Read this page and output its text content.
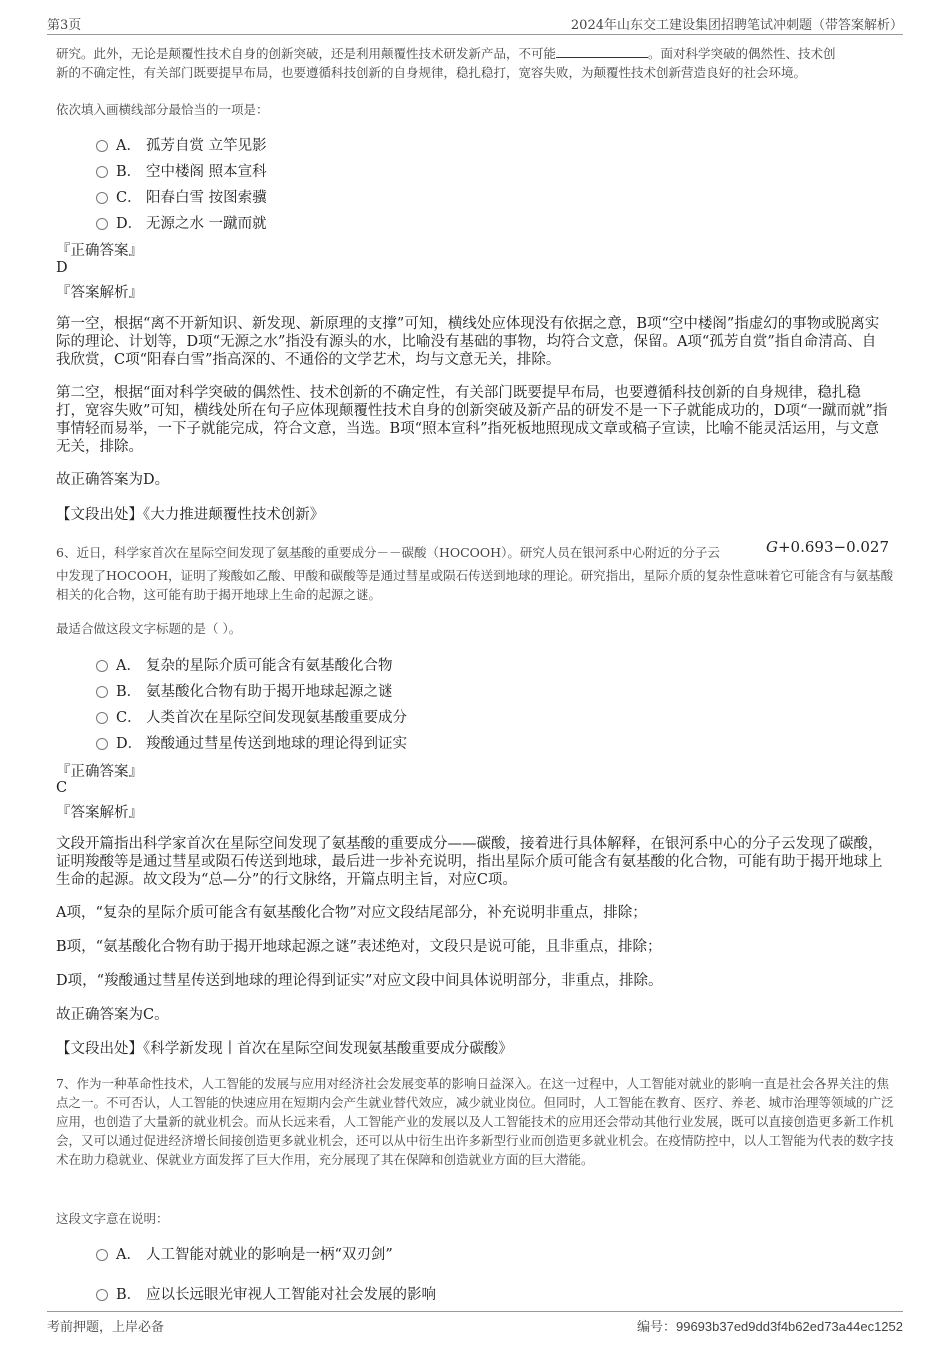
第3页	2024年山东交工建设集团招聘笔试冲刺题（带答案解析）
研究。此外，无论是颠覆性技术自身的创新突破，还是利用颠覆性技术研发新产品，不可能	。面对科学突破的偶然性、技术创
新的不确定性，有关部门既要提早布局，也要遵循科技创新的自身规律，稳扎稳打，宽容失败，为颠覆性技术创新营造良好的社会环境。
依次填入画横线部分最恰当的一项是：
A． 孤芳自赏 立竿见影
B． 空中楼阁 照本宣科
C． 阳春白雪 按图索骥
D． 无源之水 一蹴而就
『正确答案』
D
『答案解析』
第一空，根据“离不开新知识、新发现、新原理的支撑”可知，横线处应体现没有依据之意，B项“空中楼阁”指虚幻的事物或脱离实际的理论、计划等，D项“无源之水”指没有源头的水，比喻没有基础的事物，均符合文意，保留。A项“孤芳自赏”指自命清高、自我欣赏，C项“阳春白雪”指高深的、不通俗的文学艺术，均与文意无关，排除。
第二空，根据“面对科学突破的偶然性、技术创新的不确定性，有关部门既要提早布局，也要遵循科技创新的自身规律，稳扎稳打，宽容失败”可知，横线处所在句子应体现颠覆性技术自身的创新突破及新产品的研发不是一下子就能成功的，D项“一蹴而就”指事情轻而易举，一下子就能完成，符合文意，当选。B项“照本宣科”指死板地照现成文章或稿子宣读，比喻不能灵活运用，与文意无关，排除。
故正确答案为D。
【文段出处】《大力推进颠覆性技术创新》
6、近日，科学家首次在星际空间发现了氨基酸的重要成分－－碳酸（HOCOOH）。研究人员在银河系中心附近的分子云	G+0.693−0.027
中发现了HOCOOH，证明了羧酸如乙酸、甲酸和碳酸等是通过彗星或陨石传送到地球的理论。研究指出，星际介质的复杂性意味着它可能含有与氨基酸相关的化合物，这可能有助于揭开地球上生命的起源之谜。
最适合做这段文字标题的是（ ）。
A． 复杂的星际介质可能含有氨基酸化合物
B． 氨基酸化合物有助于揭开地球起源之谜
C． 人类首次在星际空间发现氨基酸重要成分
D． 羧酸通过彗星传送到地球的理论得到证实
『正确答案』
C
『答案解析』
文段开篇指出科学家首次在星际空间发现了氨基酸的重要成分——碳酸，接着进行具体解释，在银河系中心的分子云发现了碳酸，证明羧酸等是通过彗星或陨石传送到地球，最后进一步补充说明，指出星际介质可能含有氨基酸的化合物，可能有助于揭开地球上生命的起源。故文段为“总—分”的行文脉络，开篇点明主旨，对应C项。
A项，“复杂的星际介质可能含有氨基酸化合物”对应文段结尾部分，补充说明非重点，排除；
B项，“氨基酸化合物有助于揭开地球起源之谜”表述绝对，文段只是说可能，且非重点，排除；
D项，“羧酸通过彗星传送到地球的理论得到证实”对应文段中间具体说明部分，非重点，排除。
故正确答案为C。
【文段出处】《科学新发现丨首次在星际空间发现氨基酸重要成分碳酸》
7、作为一种革命性技术，人工智能的发展与应用对经济社会发展变革的影响日益深入。在这一过程中，人工智能对就业的影响一直是社会各界关注的焦点之一。不可否认，人工智能的快速应用在短期内会产生就业替代效应，减少就业岗位。但同时，人工智能在教育、医疗、养老、城市治理等领域的广泛应用，也创造了大量新的就业机会。而从长远来看，人工智能产业的发展以及人工智能技术的应用还会带动其他行业发展，既可以直接创造更多新工作机会，又可以通过促进经济增长间接创造更多就业机会，还可以从中衍生出许多新型行业而创造更多就业机会。在疫情防控中，以人工智能为代表的数字技术在助力稳就业、保就业方面发挥了巨大作用，充分展现了其在保障和创造就业方面的巨大潜能。
这段文字意在说明：
A． 人工智能对就业的影响是一柄“双刃剑”
B． 应以长远眼光审视人工智能对社会发展的影响
考前押题，上岸必备	编号：99693b37ed9dd3f4b62ed73a44ec1252
